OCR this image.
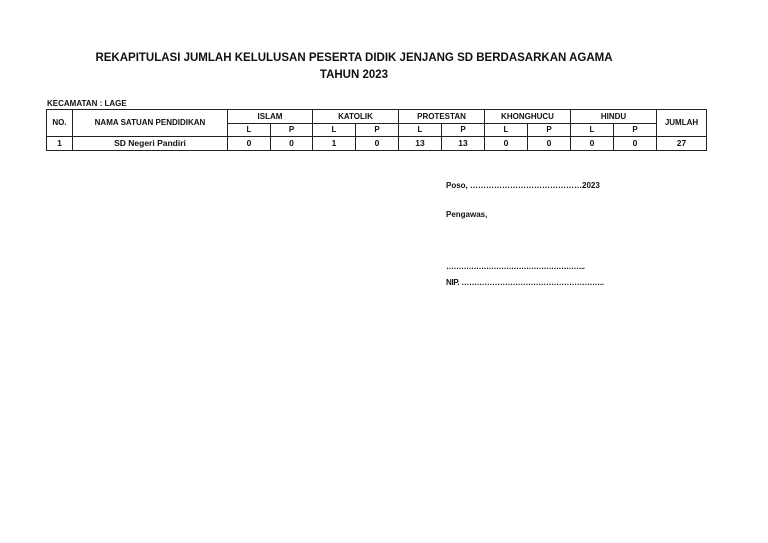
REKAPITULASI JUMLAH KELULUSAN PESERTA DIDIK JENJANG SD BERDASARKAN AGAMA
TAHUN 2023
KECAMATAN : LAGE
NO.	NAMA SATUAN PENDIDIKAN	ISLAM		KATOLIK		PROTESTAN		KHONGHUCU		HINDU		JUMLAH
		L	P	L	P	L	P	L	P	L	P	
1	SD Negeri Pandiri	0	0	1	0	13	13	0	0	0	0	27
Poso, ……………………………………2023
Pengawas,
………………………………………………..
NIP. ………………………………………………..
